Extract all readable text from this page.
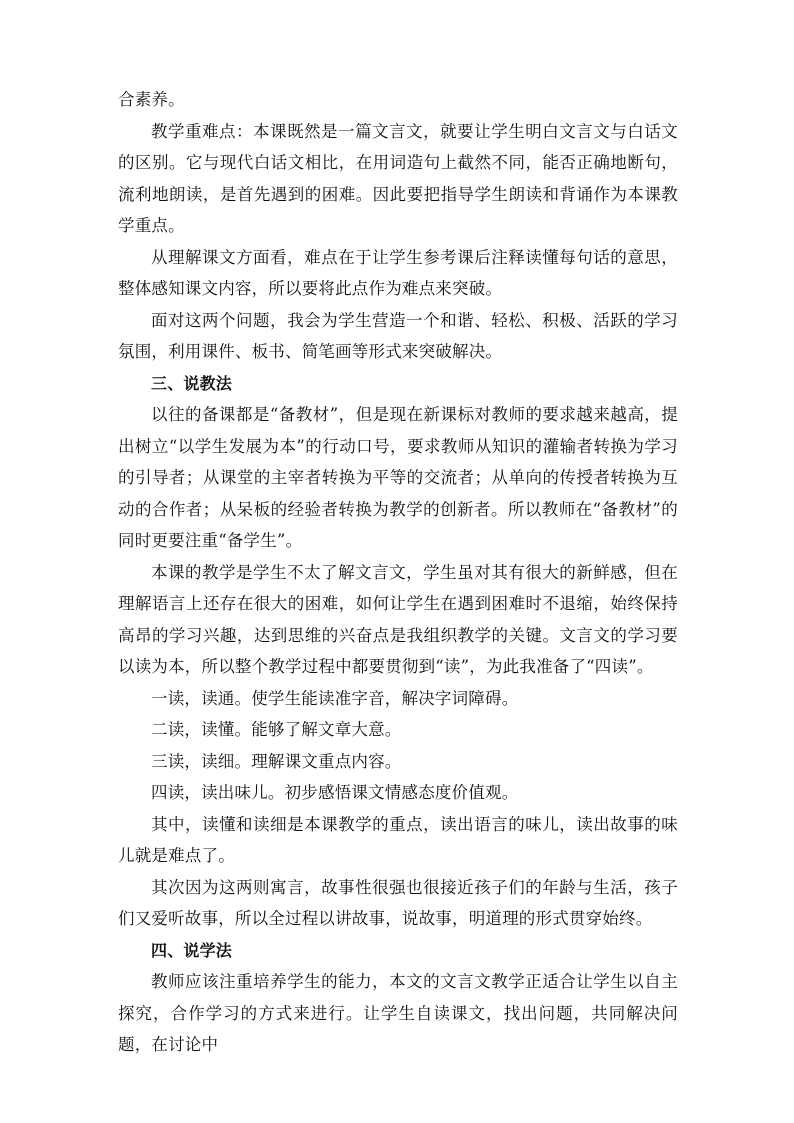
合素养。

教学重难点：本课既然是一篇文言文，就要让学生明白文言文与白话文的区别。它与现代白话文相比，在用词造句上截然不同，能否正确地断句，流利地朗读，是首先遇到的困难。因此要把指导学生朗读和背诵作为本课教学重点。

从理解课文方面看，难点在于让学生参考课后注释读懂每句话的意思，整体感知课文内容，所以要将此点作为难点来突破。

面对这两个问题，我会为学生营造一个和谐、轻松、积极、活跃的学习氛围，利用课件、板书、简笔画等形式来突破解决。

三、说教法

以往的备课都是“备教材”，但是现在新课标对教师的要求越来越高，提出树立“以学生发展为本”的行动口号，要求教师从知识的灌输者转换为学习的引导者；从课堂的主宰者转换为平等的交流者；从单向的传授者转换为互动的合作者；从呆板的经验者转换为教学的创新者。所以教师在“备教材”的同时更要注重“备学生”。

本课的教学是学生不太了解文言文，学生虽对其有很大的新鲜感，但在理解语言上还存在很大的困难，如何让学生在遇到困难时不退缩，始终保持高昂的学习兴趣，达到思维的兴奋点是我组织教学的关键。文言文的学习要以读为本，所以整个教学过程中都要贯彻到“读”，为此我准备了“四读”。

一读，读通。使学生能读准字音，解决字词障碍。

二读，读懂。能够了解文章大意。

三读，读细。理解课文重点内容。

四读，读出味儿。初步感悟课文情感态度价值观。

其中，读懂和读细是本课教学的重点，读出语言的味儿，读出故事的味儿就是难点了。

其次因为这两则寓言，故事性很强也很接近孩子们的年龄与生活，孩子们又爱听故事，所以全过程以讲故事，说故事，明道理的形式贯穿始终。

四、说学法

教师应该注重培养学生的能力，本文的文言文教学正适合让学生以自主探究，合作学习的方式来进行。让学生自读课文，找出问题，共同解决问题，在讨论中
